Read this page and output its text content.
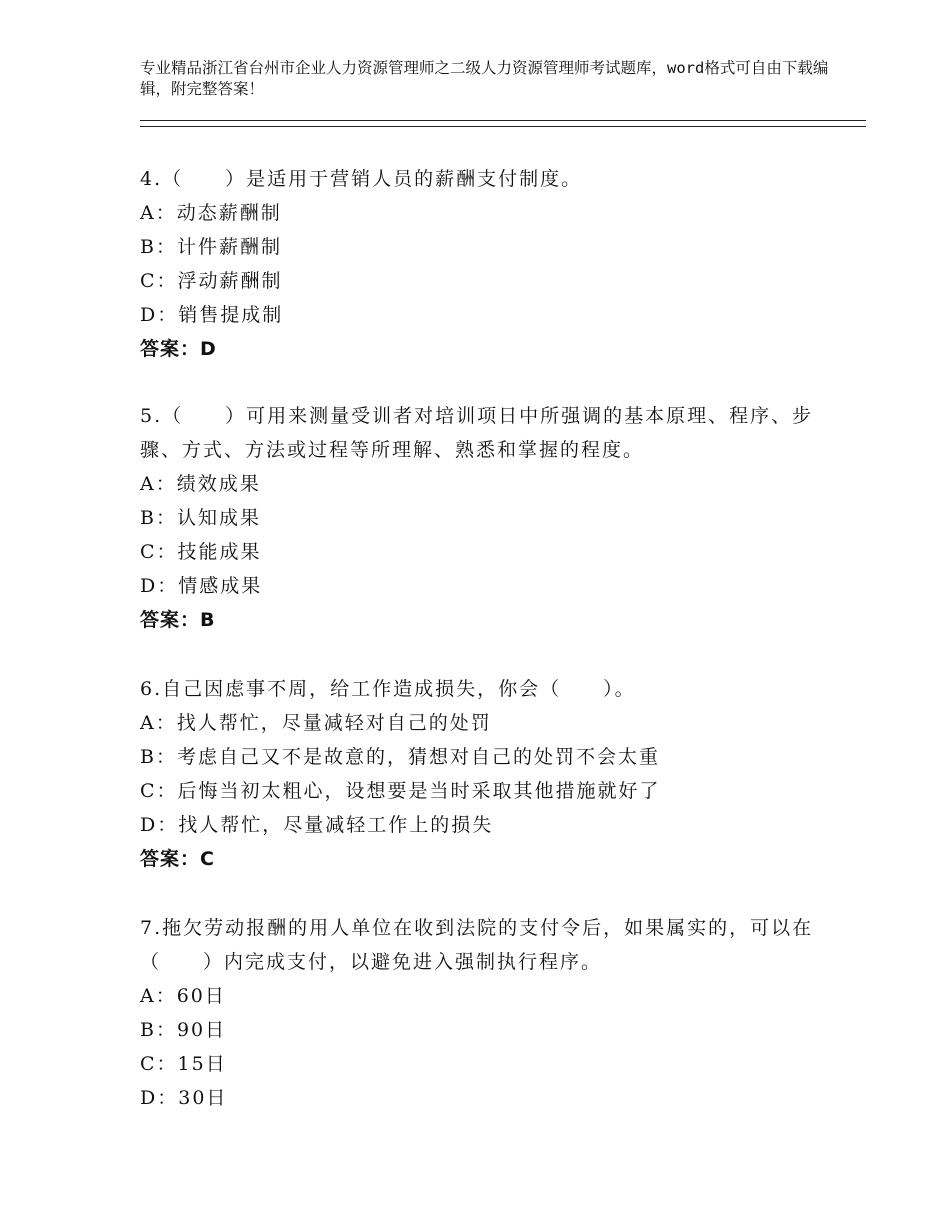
专业精品浙江省台州市企业人力资源管理师之二级人力资源管理师考试题库，word格式可自由下载编辑，附完整答案！
4.（　　）是适用于营销人员的薪酬支付制度。
A：动态薪酬制
B：计件薪酬制
C：浮动薪酬制
D：销售提成制
答案：D
5.（　　）可用来测量受训者对培训项日中所强调的基本原理、程序、步骤、方式、方法或过程等所理解、熟悉和掌握的程度。
A：绩效成果
B：认知成果
C：技能成果
D：情感成果
答案：B
6.自己因虑事不周，给工作造成损失，你会（　　）。
A：找人帮忙，尽量减轻对自己的处罚
B：考虑自己又不是故意的，猜想对自己的处罚不会太重
C：后悔当初太粗心，设想要是当时采取其他措施就好了
D：找人帮忙，尽量减轻工作上的损失
答案：C
7.拖欠劳动报酬的用人单位在收到法院的支付令后，如果属实的，可以在（　　）内完成支付，以避免进入强制执行程序。
A：60日
B：90日
C：15日
D：30日
